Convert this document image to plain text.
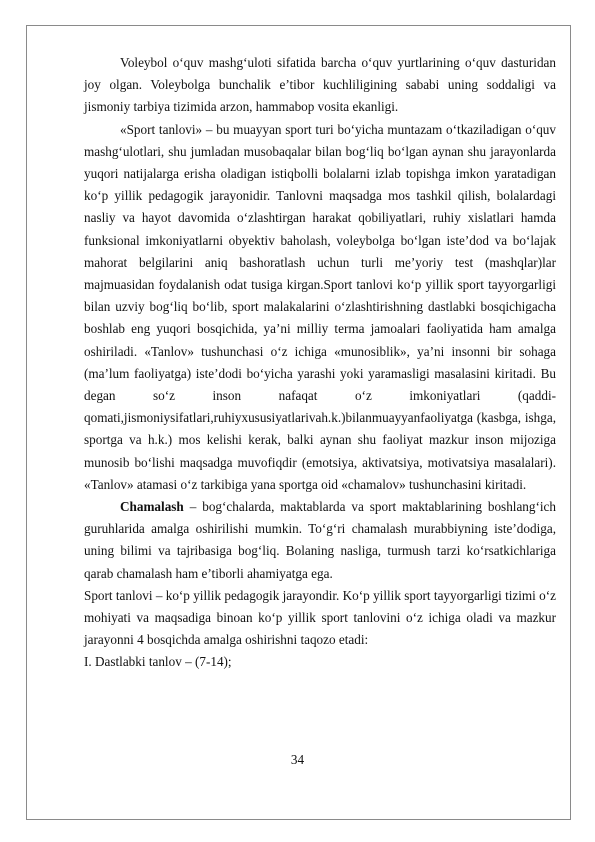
Voleybol o‘quv mashg‘uloti sifatida barcha o‘quv yurtlarining o‘quv dasturidan joy olgan. Voleybolga bunchalik e’tibor kuchliligining sababi uning soddaligi va jismoniy tarbiya tizimida arzon, hammabop vosita ekanligi.

«Sport tanlovi» – bu muayyan sport turi bo‘yicha muntazam o‘tkaziladigan o‘quv mashg‘ulotlari, shu jumladan musobaqalar bilan bog‘liq bo‘lgan aynan shu jarayonlarda yuqori natijalarga erisha oladigan istiqbolli bolalarni izlab topishga imkon yaratadigan ko‘p yillik pedagogik jarayonidir. Tanlovni maqsadga mos tashkil qilish, bolalardagi nasliy va hayot davomida o‘zlashtirgan harakat qobiliyatlari, ruhiy xislatlari hamda funksional imkoniyatlarni obyektiv baholash, voleybolga bo‘lgan iste’dod va bo‘lajak mahorat belgilarini aniq bashoratlash uchun turli me’yoriy test (mashqlar)lar majmuasidan foydalanish odat tusiga kirgan.Sport tanlovi ko‘p yillik sport tayyorgarligi bilan uzviy bog‘liq bo‘lib, sport malakalarini o‘zlashtirishning dastlabki bosqichigacha boshlab eng yuqori bosqichida, ya’ni milliy terma jamoalari faoliyatida ham amalga oshiriladi. «Tanlov» tushunchasi o‘z ichiga «munosiblik», ya’ni insonni bir sohaga (ma’lum faoliyatga) iste’dodi bo‘yicha yarashi yoki yaramasligi masalasini kiritadi. Bu degan so‘z inson nafaqat o‘z imkoniyatlari (qaddi-qomati,jismoniysifatlari,ruhiyxususiyatlarivah.k.)bilanmuayyanfaoliyatga (kasbga, ishga, sportga va h.k.) mos kelishi kerak, balki aynan shu faoliyat mazkur inson mijoziga munosib bo‘lishi maqsadga muvofiqdir (emotsiya, aktivatsiya, motivatsiya masalalari). «Tanlov» atamasi o‘z tarkibiga yana sportga oid «chamalov» tushunchasini kiritadi.

Chamalash – bog‘chalarda, maktablarda va sport maktablarining boshlang‘ich guruhlarida amalga oshirilishi mumkin. To‘g‘ri chamalash murabbiyning iste’dodiga, uning bilimi va tajribasiga bog‘liq. Bolaning nasliga, turmush tarzi ko‘rsatkichlariga qarab chamalash ham e’tiborli ahamiyatga ega.

Sport tanlovi – ko‘p yillik pedagogik jarayondir. Ko‘p yillik sport tayyorgarligi tizimi o‘z mohiyati va maqsadiga binoan ko‘p yillik sport tanlovini o‘z ichiga oladi va mazkur jarayonni 4 bosqichda amalga oshirishni taqozo etadi:

I. Dastlabki tanlov – (7-14);

34
